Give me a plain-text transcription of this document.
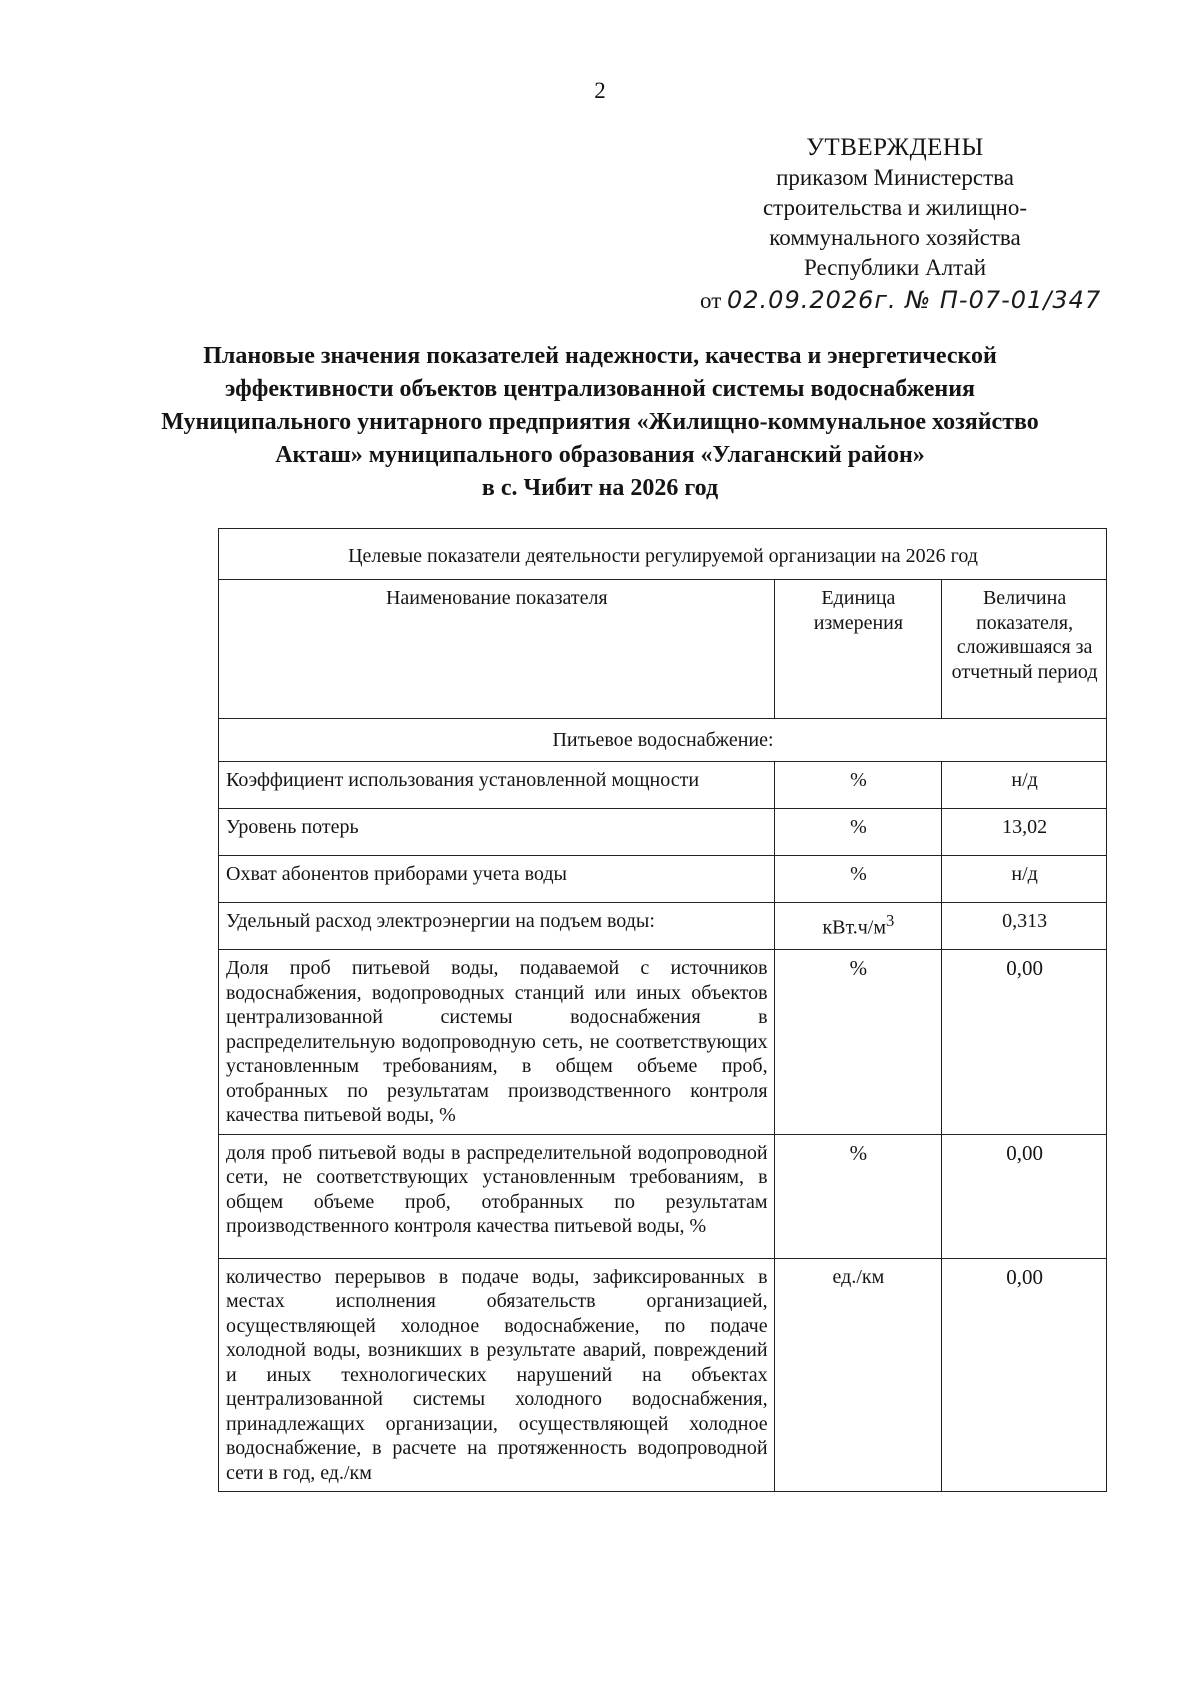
2
УТВЕРЖДЕНЫ
приказом Министерства
строительства и жилищно-
коммунального хозяйства
Республики Алтай
от 02.09.2026г. № П-07-01/347
Плановые значения показателей надежности, качества и энергетической
эффективности объектов централизованной системы водоснабжения
Муниципального унитарного предприятия «Жилищно-коммунальное хозяйство
Акташ» муниципального образования «Улаганский район»
в с. Чибит на 2026 год
Целевые показатели деятельности регулируемой организации на 2026 год		
Наименование показателя	Единица измерения	Величина показателя, сложившаяся за отчетный период
Питьевое водоснабжение:		
Коэффициент использования установленной мощности	%	н/д
Уровень потерь	%	13,02
Охват абонентов приборами учета воды	%	н/д
Удельный расход электроэнергии на подъем воды:	$кВт.ч/м^3$	0,313
Доля проб питьевой воды, подаваемой с источников водоснабжения, водопроводных станций или иных объектов централизованной системы водоснабжения в распределительную водопроводную сеть, не соответствующих установленным требованиям, в общем объеме проб, отобранных по результатам производственного контроля качества питьевой воды, %	%	0,00
доля проб питьевой воды в распределительной водопроводной сети, не соответствующих установленным требованиям, в общем объеме проб, отобранных по результатам производственного контроля качества питьевой воды, %	%	0,00
количество перерывов в подаче воды, зафиксированных в местах исполнения обязательств организацией, осуществляющей холодное водоснабжение, по подаче холодной воды, возникших в результате аварий, повреждений и иных технологических нарушений на объектах централизованной системы холодного водоснабжения, принадлежащих организации, осуществляющей холодное водоснабжение, в расчете на протяженность водопроводной сети в год, ед./км	ед./км	0,00
